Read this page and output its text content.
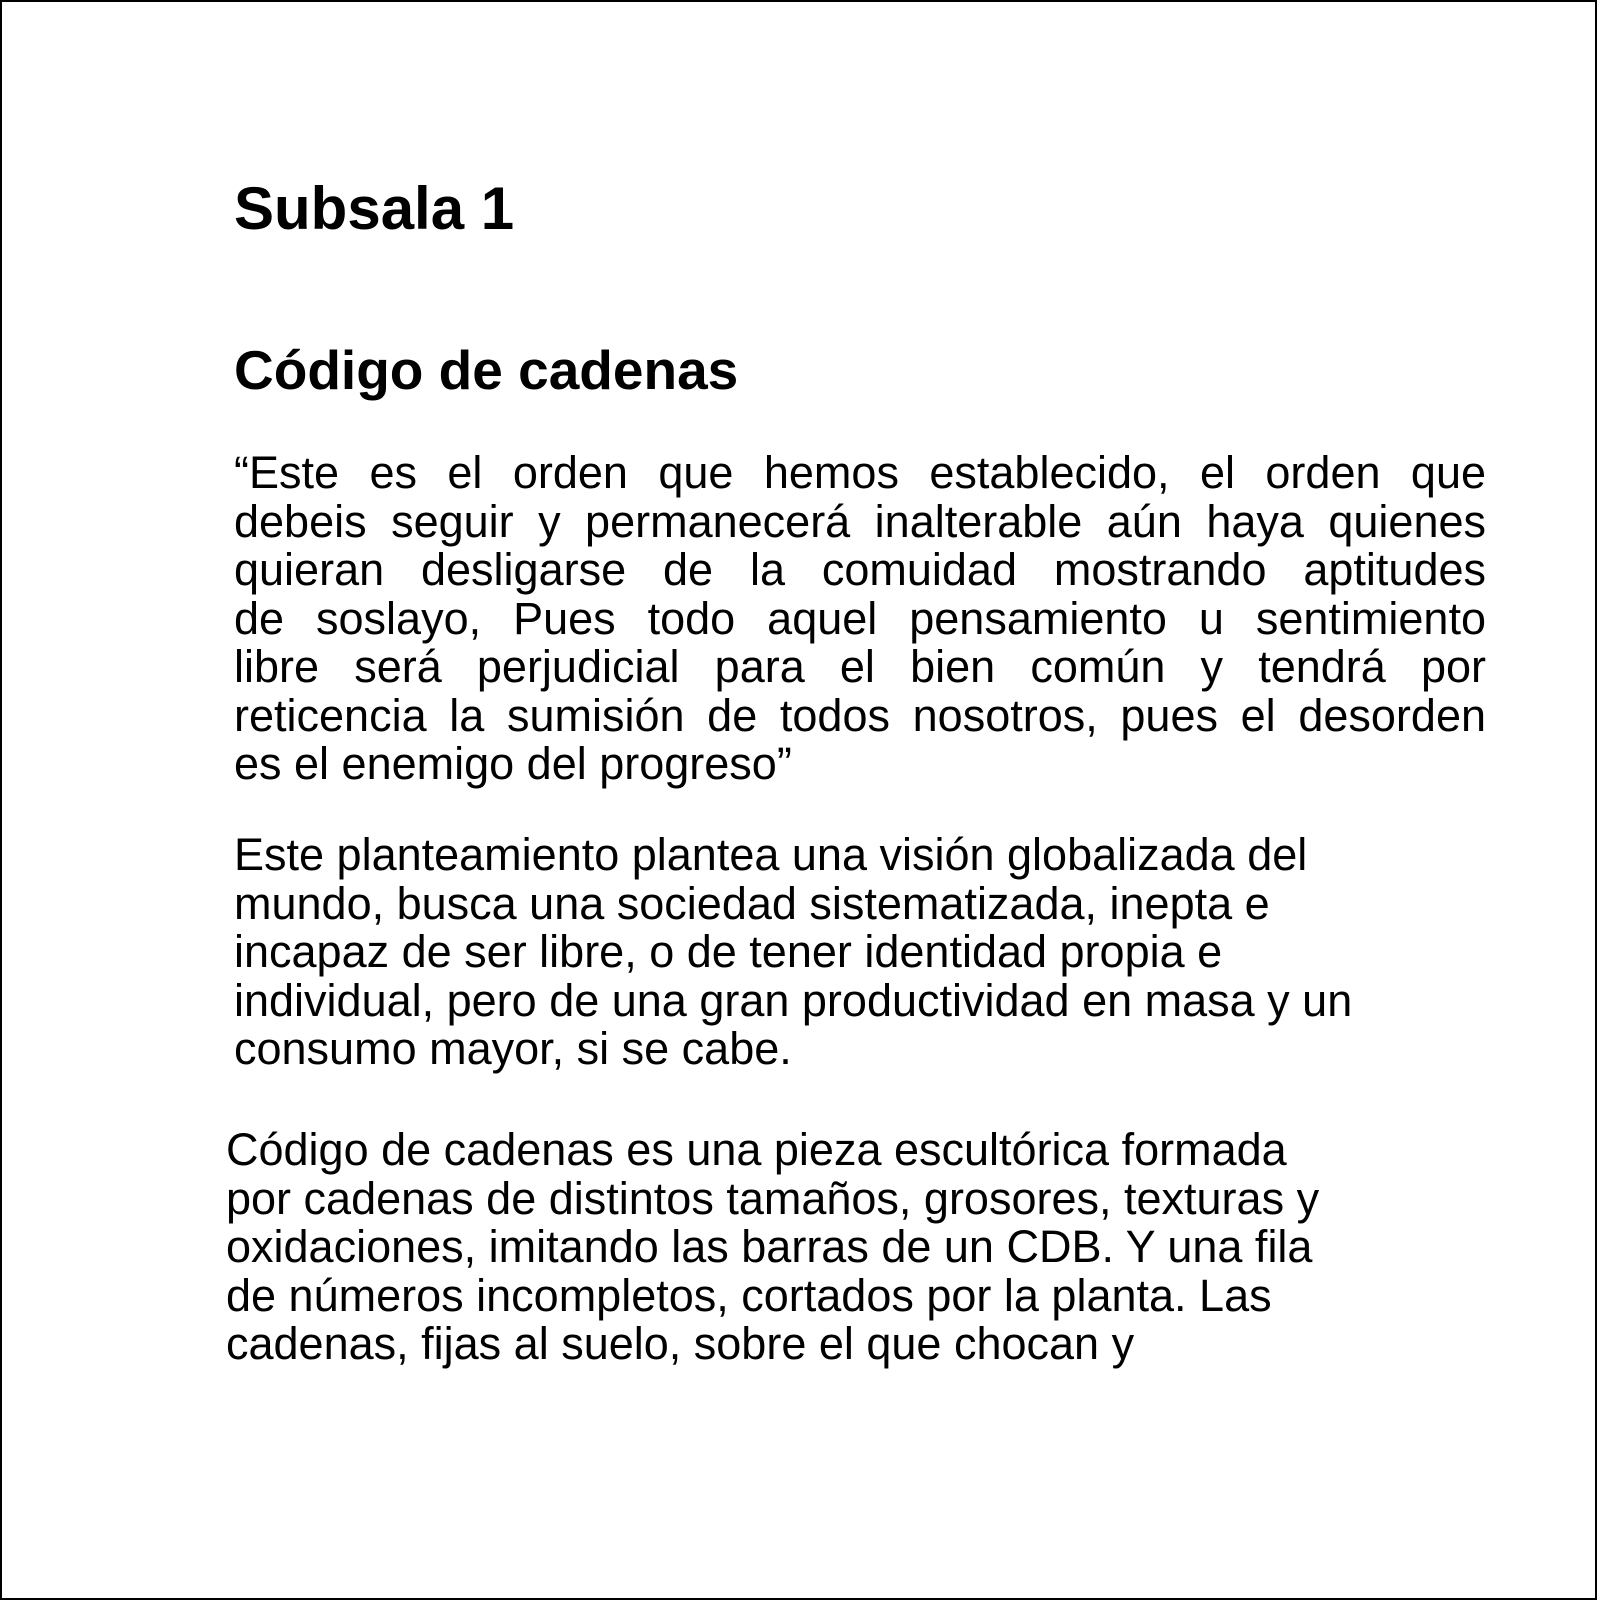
Subsala 1
Código de cadenas

“Este es el orden que hemos establecido, el orden que
debeis seguir y permanecerá inalterable aún haya quienes
quieran desligarse de la comuidad mostrando aptitudes
de soslayo, Pues todo aquel pensamiento u sentimiento
libre será perjudicial para el bien común y tendrá por
reticencia la sumisión de todos nosotros, pues el desorden
es el enemigo del progreso”

Este planteamiento plantea una visión globalizada del
mundo, busca una sociedad sistematizada, inepta e
incapaz de ser libre, o de tener identidad propia e
individual, pero de una gran productividad en masa y un
consumo mayor, si se cabe.

Código de cadenas es una pieza escultórica formada
por cadenas de distintos tamaños, grosores, texturas y
oxidaciones, imitando las barras de un CDB. Y una fila
de números incompletos, cortados por la planta. Las
cadenas, fijas al suelo, sobre el que chocan y
